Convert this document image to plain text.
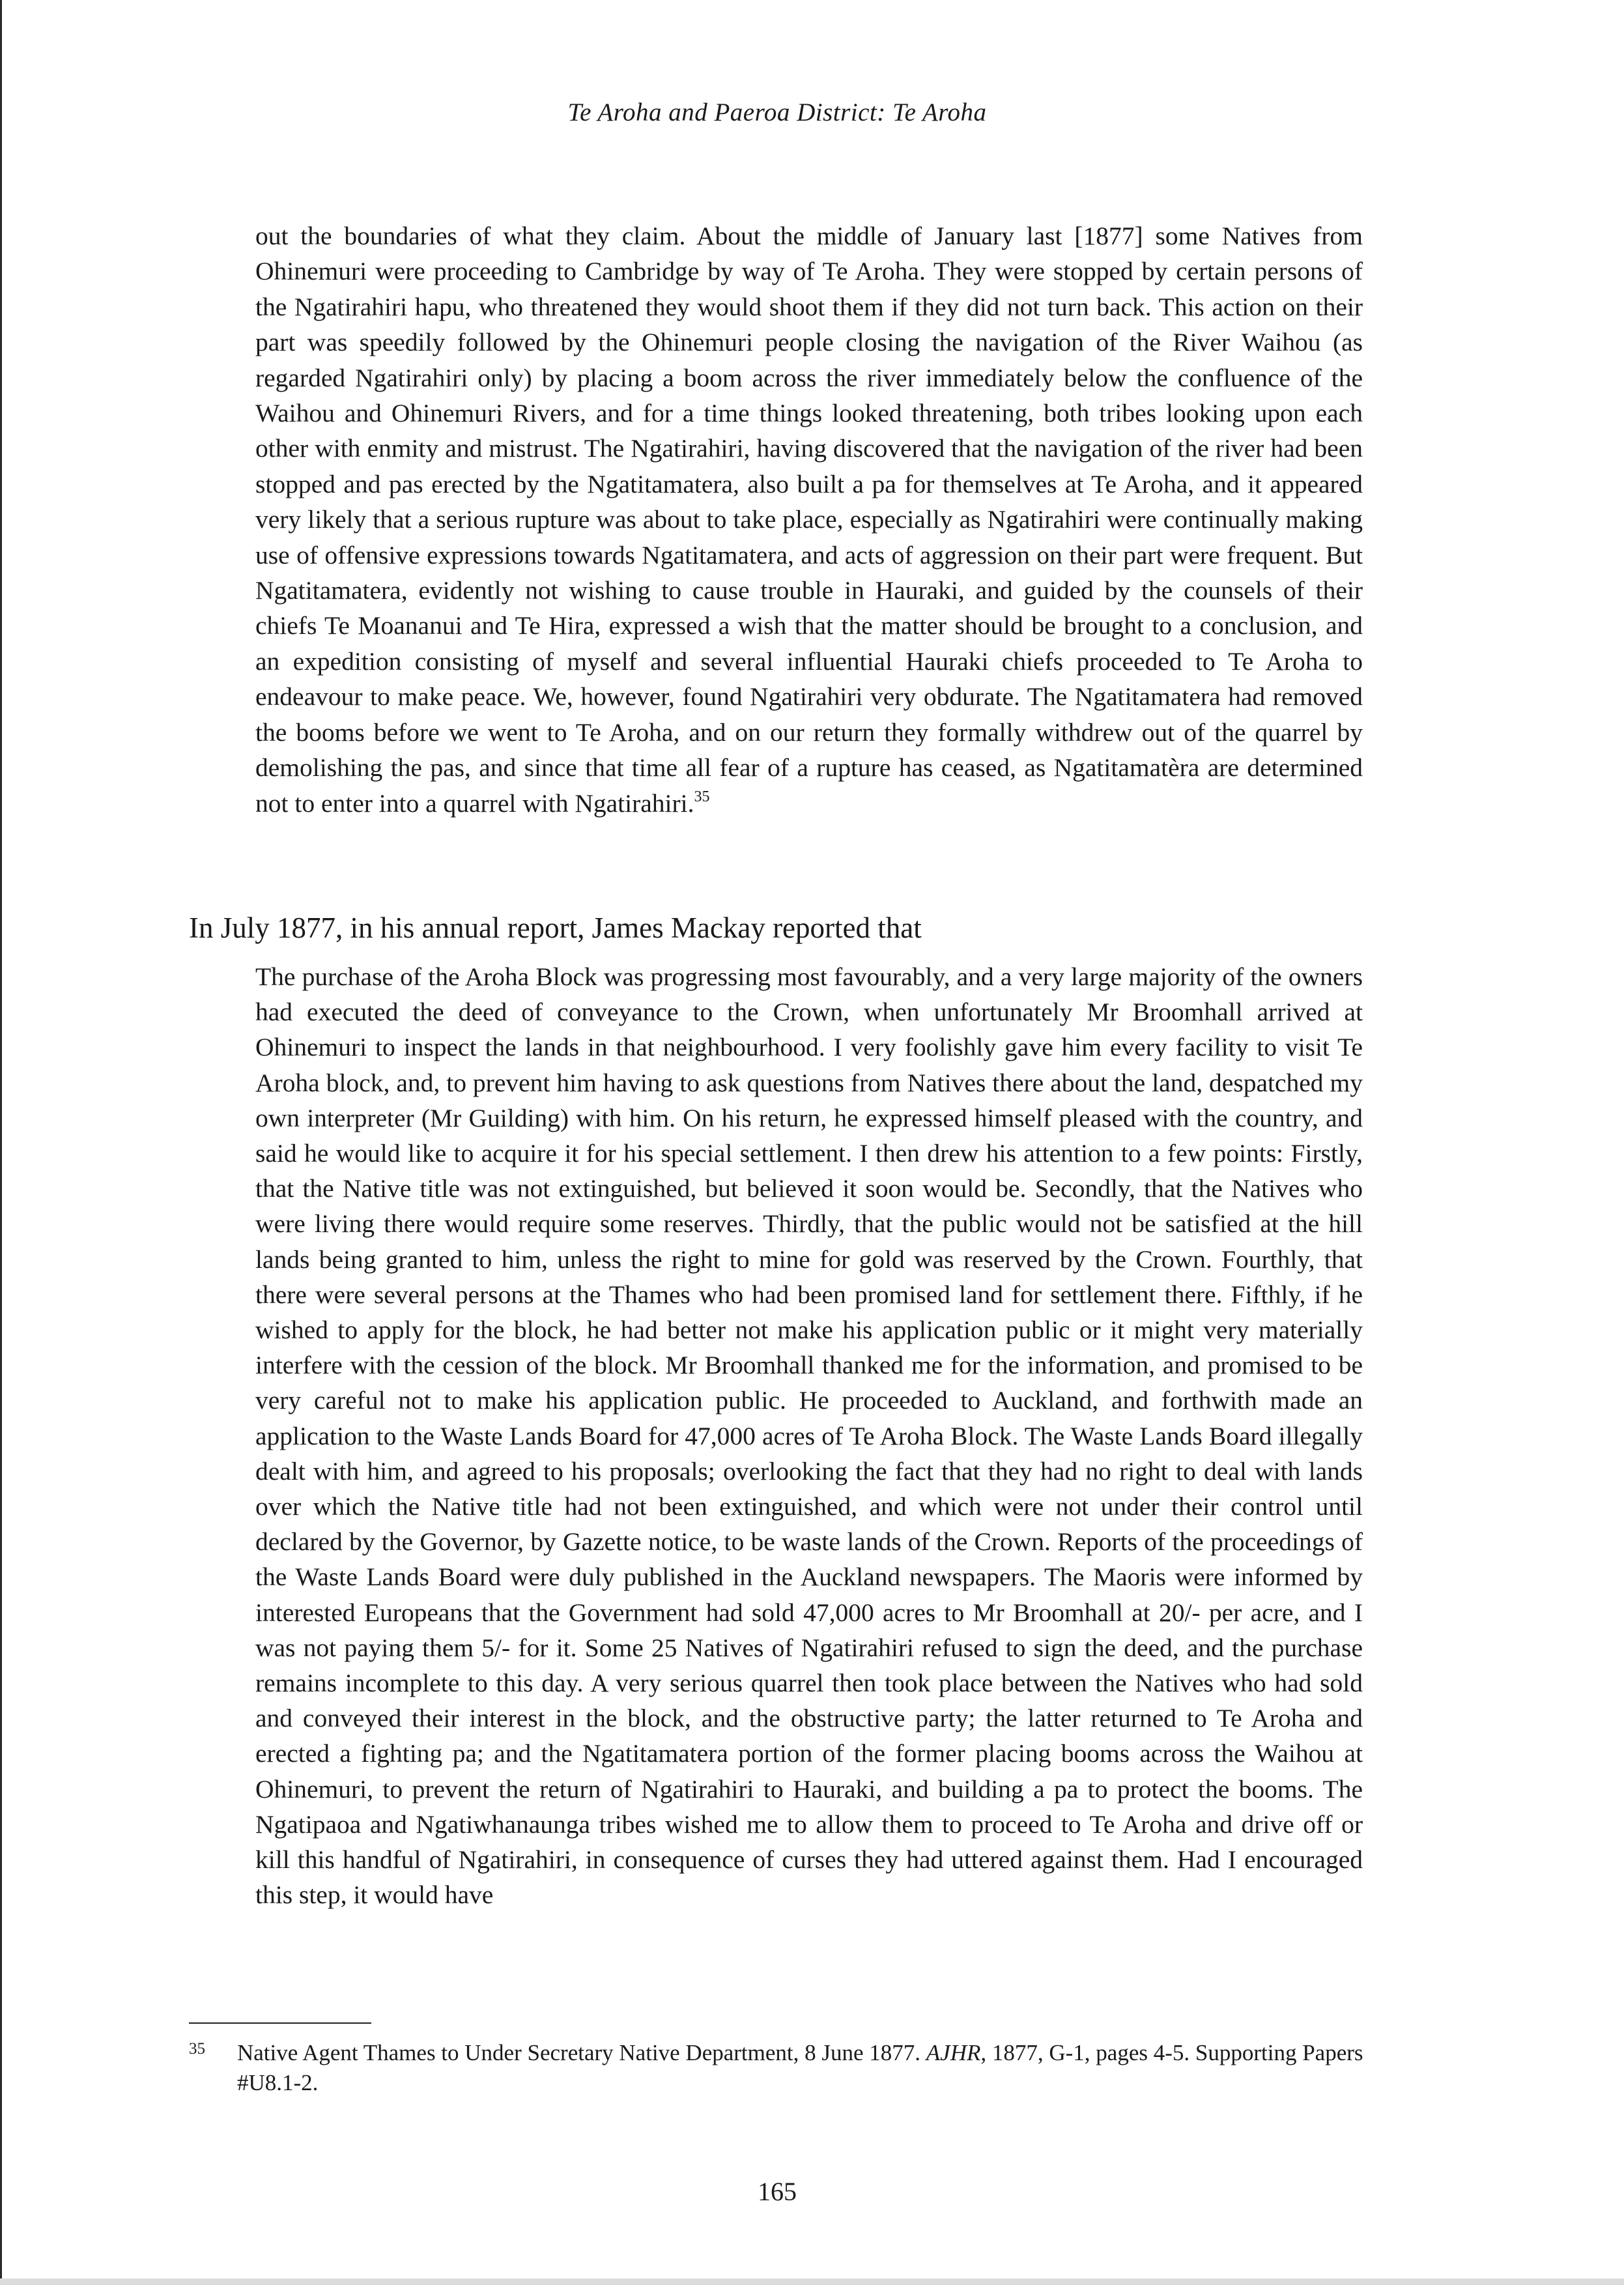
Te Aroha and Paeroa District: Te Aroha
out the boundaries of what they claim. About the middle of January last [1877] some Natives from Ohinemuri were proceeding to Cambridge by way of Te Aroha. They were stopped by certain persons of the Ngatirahiri hapu, who threatened they would shoot them if they did not turn back. This action on their part was speedily followed by the Ohinemuri people closing the navigation of the River Waihou (as regarded Ngatirahiri only) by placing a boom across the river immediately below the confluence of the Waihou and Ohinemuri Rivers, and for a time things looked threatening, both tribes looking upon each other with enmity and mistrust. The Ngatirahiri, having discovered that the navigation of the river had been stopped and pas erected by the Ngatitamatera, also built a pa for themselves at Te Aroha, and it appeared very likely that a serious rupture was about to take place, especially as Ngatirahiri were continually making use of offensive expressions towards Ngatitamatera, and acts of aggression on their part were frequent. But Ngatitamatera, evidently not wishing to cause trouble in Hauraki, and guided by the counsels of their chiefs Te Moananui and Te Hira, expressed a wish that the matter should be brought to a conclusion, and an expedition consisting of myself and several influential Hauraki chiefs proceeded to Te Aroha to endeavour to make peace. We, however, found Ngatirahiri very obdurate. The Ngatitamatera had removed the booms before we went to Te Aroha, and on our return they formally withdrew out of the quarrel by demolishing the pas, and since that time all fear of a rupture has ceased, as Ngatitamatèra are determined not to enter into a quarrel with Ngatirahiri.$^{35}$
In July 1877, in his annual report, James Mackay reported that
The purchase of the Aroha Block was progressing most favourably, and a very large majority of the owners had executed the deed of conveyance to the Crown, when unfortunately Mr Broomhall arrived at Ohinemuri to inspect the lands in that neighbourhood. I very foolishly gave him every facility to visit Te Aroha block, and, to prevent him having to ask questions from Natives there about the land, despatched my own interpreter (Mr Guilding) with him. On his return, he expressed himself pleased with the country, and said he would like to acquire it for his special settlement. I then drew his attention to a few points: Firstly, that the Native title was not extinguished, but believed it soon would be. Secondly, that the Natives who were living there would require some reserves. Thirdly, that the public would not be satisfied at the hill lands being granted to him, unless the right to mine for gold was reserved by the Crown. Fourthly, that there were several persons at the Thames who had been promised land for settlement there. Fifthly, if he wished to apply for the block, he had better not make his application public or it might very materially interfere with the cession of the block. Mr Broomhall thanked me for the information, and promised to be very careful not to make his application public. He proceeded to Auckland, and forthwith made an application to the Waste Lands Board for 47,000 acres of Te Aroha Block. The Waste Lands Board illegally dealt with him, and agreed to his proposals; overlooking the fact that they had no right to deal with lands over which the Native title had not been extinguished, and which were not under their control until declared by the Governor, by Gazette notice, to be waste lands of the Crown. Reports of the proceedings of the Waste Lands Board were duly published in the Auckland newspapers. The Maoris were informed by interested Europeans that the Government had sold 47,000 acres to Mr Broomhall at 20/- per acre, and I was not paying them 5/- for it. Some 25 Natives of Ngatirahiri refused to sign the deed, and the purchase remains incomplete to this day. A very serious quarrel then took place between the Natives who had sold and conveyed their interest in the block, and the obstructive party; the latter returned to Te Aroha and erected a fighting pa; and the Ngatitamatera portion of the former placing booms across the Waihou at Ohinemuri, to prevent the return of Ngatirahiri to Hauraki, and building a pa to protect the booms. The Ngatipaoa and Ngatiwhanaunga tribes wished me to allow them to proceed to Te Aroha and drive off or kill this handful of Ngatirahiri, in consequence of curses they had uttered against them. Had I encouraged this step, it would have
35 Native Agent Thames to Under Secretary Native Department, 8 June 1877. AJHR, 1877, G-1, pages 4-5. Supporting Papers #U8.1-2.
165
